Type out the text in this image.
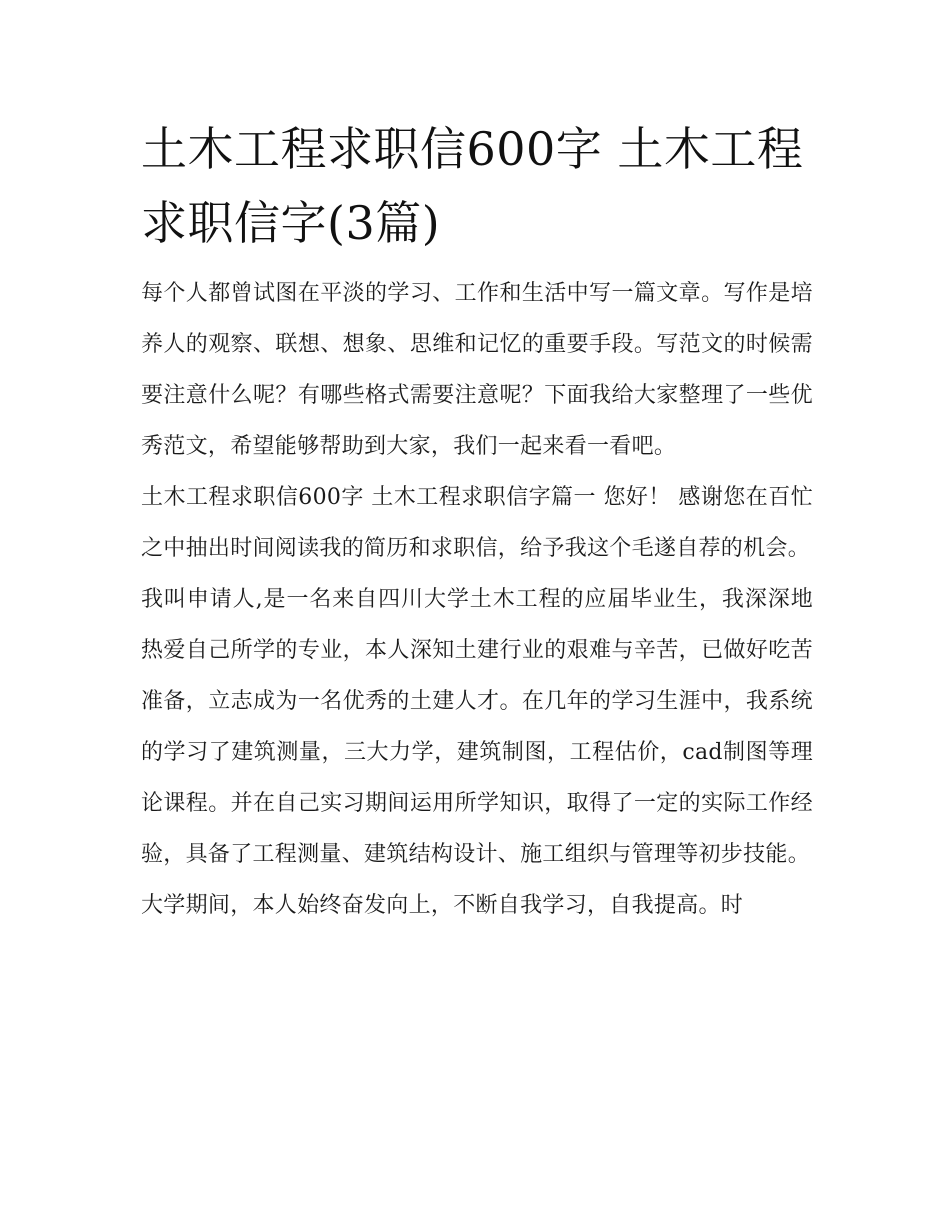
土木工程求职信600字 土木工程求职信字(3篇)

每个人都曾试图在平淡的学习、工作和生活中写一篇文章。写作是培养人的观察、联想、想象、思维和记忆的重要手段。写范文的时候需要注意什么呢？有哪些格式需要注意呢？下面我给大家整理了一些优秀范文，希望能够帮助到大家，我们一起来看一看吧。

土木工程求职信600字 土木工程求职信字篇一 您好！ 感谢您在百忙之中抽出时间阅读我的简历和求职信，给予我这个毛遂自荐的机会。

我叫申请人,是一名来自四川大学土木工程的应届毕业生，我深深地热爱自己所学的专业，本人深知土建行业的艰难与辛苦，已做好吃苦准备，立志成为一名优秀的土建人才。在几年的学习生涯中，我系统的学习了建筑测量，三大力学，建筑制图，工程估价，cad制图等理论课程。并在自己实习期间运用所学知识，取得了一定的实际工作经验，具备了工程测量、建筑结构设计、施工组织与管理等初步技能。

大学期间，本人始终奋发向上，不断自我学习，自我提高。时
